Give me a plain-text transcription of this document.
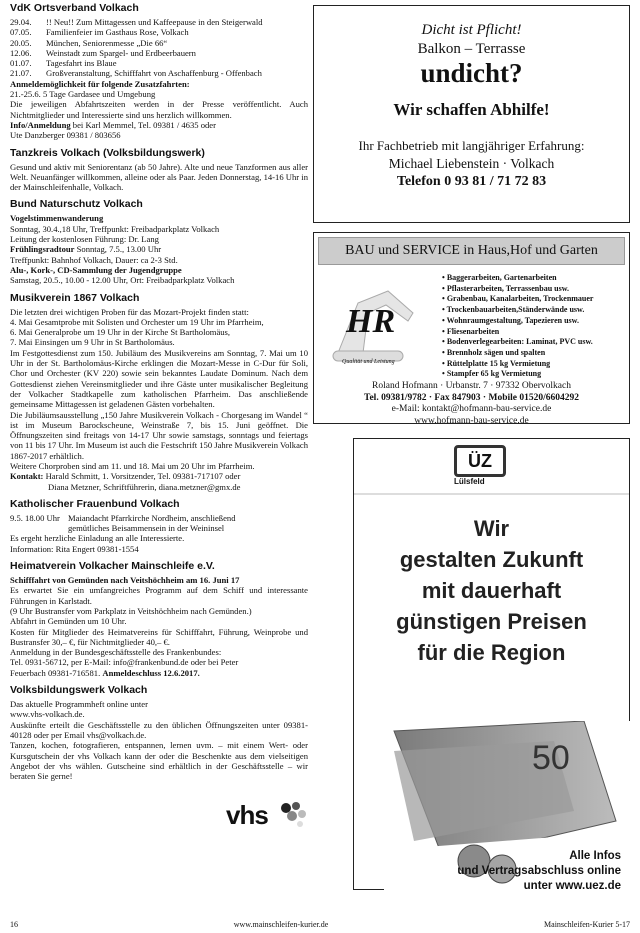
VdK Ortsverband Volkach
29.04.	!! Neu!! Zum Mittagessen und Kaffeepause in den Steigerwald
07.05.	Familienfeier im Gasthaus Rose, Volkach
20.05.	München, Seniorenmesse „Die 66“
12.06.	Weinstadt zum Spargel- und Erdbeerbauern
01.07.	Tagesfahrt ins Blaue
21.07.	Großveranstaltung, Schifffahrt von Aschaffenburg - Offenbach

Anmeldemöglichkeit für folgende Zusatzfahrten:

21.-25.6. 5 Tage Gardasee und Umgebung

Die jeweiligen Abfahrtszeiten werden in der Presse veröffentlicht. Auch Nichtmitglieder und Interessierte sind uns herzlich willkommen.

Info/Anmeldung bei Karl Memmel, Tel. 09381 / 4635 oder

Ute Danzberger 09381 / 803656

Tanzkreis Volkach (Volksbildungswerk)

Gesund und aktiv mit Seniorentanz (ab 50 Jahre). Alte und neue Tanzformen aus aller Welt. Neuanfänger willkommen, alleine oder als Paar. Jeden Donnerstag, 14-16 Uhr in der Mainschleifenhalle, Volkach.

Bund Naturschutz Volkach

Vogelstimmenwanderung

Sonntag, 30.4.,18 Uhr, Treffpunkt: Freibadparkplatz Volkach

Leitung der kostenlosen Führung: Dr. Lang

Frühlingsradtour Sonntag, 7.5., 13.00 Uhr

Treffpunkt: Bahnhof Volkach, Dauer: ca 2-3 Std.

Alu-, Kork-, CD-Sammlung der Jugendgruppe

Samstag, 20.5., 10.00 - 12.00 Uhr, Ort: Freibadparkplatz Volkach

Musikverein 1867 Volkach

Die letzten drei wichtigen Proben für das Mozart-Projekt finden statt:

4. Mai Gesamtprobe mit Solisten und Orchester um 19 Uhr im Pfarrheim,

6. Mai Generalprobe um 19 Uhr in der Kirche St Bartholomäus,

7. Mai Einsingen um 9 Uhr in St Bartholomäus.

Im Festgottesdienst zum 150. Jubiläum des Musikvereins am Sonntag, 7. Mai um 10 Uhr in der St. Bartholomäus-Kirche erklingen die Mozart-Messe in C-Dur für Soli, Chor und Orchester (KV 220) sowie sein bekanntes Laudate Dominum. Nach dem Gottesdienst ziehen Vereinsmitglieder und ihre Gäste unter musikalischer Begleitung der Volkacher Stadtkapelle zum katholischen Pfarrheim. Das anschließende gemeinsame Mittagessen ist geladenen Gästen vorbehalten.

Die Jubiläumsausstellung „150 Jahre Musikverein Volkach - Chorgesang im Wandel “ ist im Museum Barockscheune, Weinstraße 7, bis 15. Juni geöffnet. Die Öffnungszeiten sind freitags von 14-17 Uhr sowie samstags, sonntags und feiertags von 11 bis 17 Uhr. Im Museum ist auch die Festschrift 150 Jahre Musikverein Volkach 1867-2017 erhältlich.

Weitere Chorproben sind am 11. und 18. Mai um 20 Uhr im Pfarrheim.

Kontakt: Harald Schmitt, 1. Vorsitzender, Tel. 09381-717107 oder

Diana Metzner, Schriftführerin, diana.metzner@gmx.de

Katholischer Frauenbund Volkach
9.5. 18.00 Uhr Maiandacht Pfarrkirche Nordheim, anschließend

gemütliches Beisammensein in der Weininsel

Es ergeht herzliche Einladung an alle Interessierte.

Information: Rita Engert 09381-1554

Heimatverein Volkacher Mainschleife e.V.

Schifffahrt von Gemünden nach Veitshöchheim am 16. Juni 17

Es erwartet Sie ein umfangreiches Programm auf dem Schiff und interessante Führungen in Karlstadt.

(9 Uhr Bustransfer vom Parkplatz in Veitshöchheim nach Gemünden.)

Abfahrt in Gemünden um 10 Uhr.

Kosten für Mitglieder des Heimatvereins für Schifffahrt, Führung, Weinprobe und Bustransfer 30,– €, für Nichtmitglieder 40,– €.

Anmeldung in der Bundesgeschäftsstelle des Frankenbundes:

Tel. 0931-56712, per E-Mail: info@frankenbund.de oder bei Peter

Feuerbach 09381-716581. Anmeldeschluss 12.6.2017.

Volksbildungswerk Volkach

Das aktuelle Programmheft online unter

www.vhs-volkach.de.

Auskünfte erteilt die Geschäftsstelle zu den üblichen Öffnungszeiten unter 09381-40128 oder per Email vhs@volkach.de.

Tanzen, kochen, fotografieren, entspannen, lernen uvm. – mit einem Wert- oder Kursgutschein der vhs Volkach kann der oder die Beschenkte aus dem vielseitigen Angebot der vhs wählen. Gutscheine sind erhältlich in der Geschäftsstelle – wir beraten Sie gerne!

vhs
Dicht ist Pflicht!
Balkon – Terrasse
undicht?
Wir schaffen Abhilfe!
Ihr Fachbetrieb mit langjähriger Erfahrung:
Michael Liebenstein · Volkach
Telefon 0 93 81 / 71 72 83
BAU und SERVICE in Haus,Hof und Garten
HR
Qualität und Leistung
• Baggerarbeiten, Gartenarbeiten
• Pflasterarbeiten, Terrassenbau usw.
• Grabenbau, Kanalarbeiten, Trockenmauer
• Trockenbauarbeiten,Ständerwände usw.
• Wohnraumgestaltung, Tapezieren usw.
• Fliesenarbeiten
• Bodenverlegearbeiten: Laminat, PVC usw.
• Brennholz sägen und spalten
• Rüttelplatte 15 kg Vermietung
• Stampfer 65 kg Vermietung
Roland Hofmann · Urbanstr. 7 · 97332 Obervolkach
Tel. 09381/9782 · Fax 847903 · Mobile 01520/6604292
e-Mail: kontakt@hofmann-bau-service.de
www.hofmann-bau-service.de
ÜZ
Lülsfeld
Wir
gestalten Zukunft
mit dauerhaft
günstigen Preisen
für die Region
50
Alle Infos
und Vertragsabschluss online
unter www.uez.de
16	www.mainschleifen-kurier.de	Mainschleifen-Kurier 5-17
